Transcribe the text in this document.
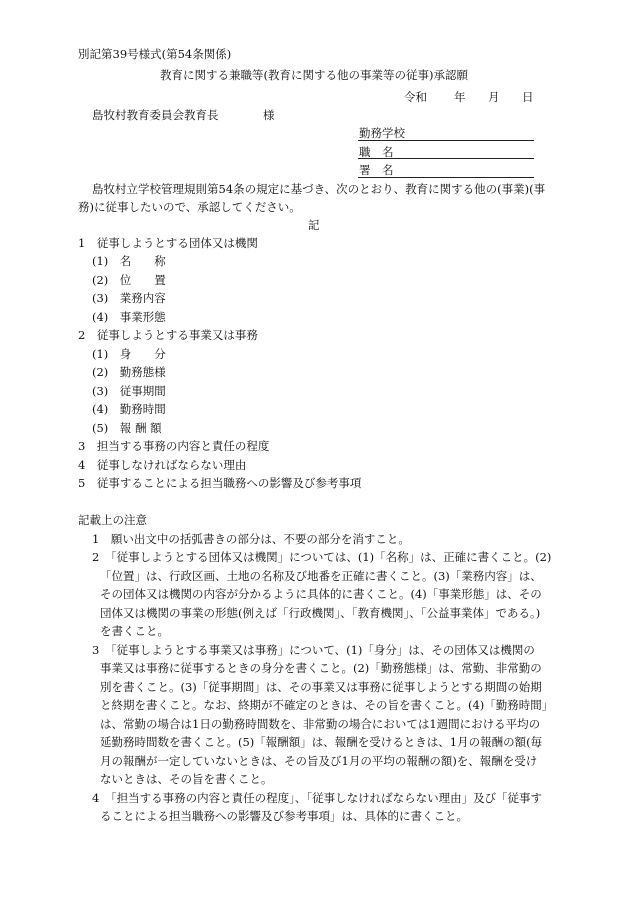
別記第39号様式(第54条関係)
教育に関する兼職等(教育に関する他の事業等の従事)承認願
令和 年 月 日
島牧村教育委員会教育長	様
勤務学校
職　名
署　名
島牧村立学校管理規則第54条の規定に基づき、次のとおり、教育に関する他の(事業)(事
務)に従事したいので、承認してください。
記
1　従事しようとする団体又は機関
(1)　名　　称
(2)　位　　置
(3)　業務内容
(4)　事業形態
2　従事しようとする事業又は事務
(1)　身　　分
(2)　勤務態様
(3)　従事期間
(4)　勤務時間
(5)　報 酬 額
3　担当する事務の内容と責任の程度
4　従事しなければならない理由
5　従事することによる担当職務への影響及び参考事項
記載上の注意
1　願い出文中の括弧書きの部分は、不要の部分を消すこと。
2　「従事しようとする団体又は機関」については、(1)「名称」は、正確に書くこと。(2)
「位置」は、行政区画、土地の名称及び地番を正確に書くこと。(3)「業務内容」は、
その団体又は機関の内容が分かるように具体的に書くこと。(4)「事業形態」は、その
団体又は機関の事業の形態(例えば「行政機関」、「教育機関」、「公益事業体」である。)
を書くこと。
3　「従事しようとする事業又は事務」について、(1)「身分」は、その団体又は機関の
事業又は事務に従事するときの身分を書くこと。(2)「勤務態様」は、常勤、非常勤の
別を書くこと。(3)「従事期間」は、その事業又は事務に従事しようとする期間の始期
と終期を書くこと。なお、終期が不確定のときは、その旨を書くこと。(4)「勤務時間」
は、常勤の場合は1日の勤務時間数を、非常勤の場合においては1週間における平均の
延勤務時間数を書くこと。(5)「報酬額」は、報酬を受けるときは、1月の報酬の額(毎
月の報酬が一定していないときは、その旨及び1月の平均の報酬の額)を、報酬を受け
ないときは、その旨を書くこと。
4　「担当する事務の内容と責任の程度」、「従事しなければならない理由」及び「従事す
ることによる担当職務への影響及び参考事項」は、具体的に書くこと。
